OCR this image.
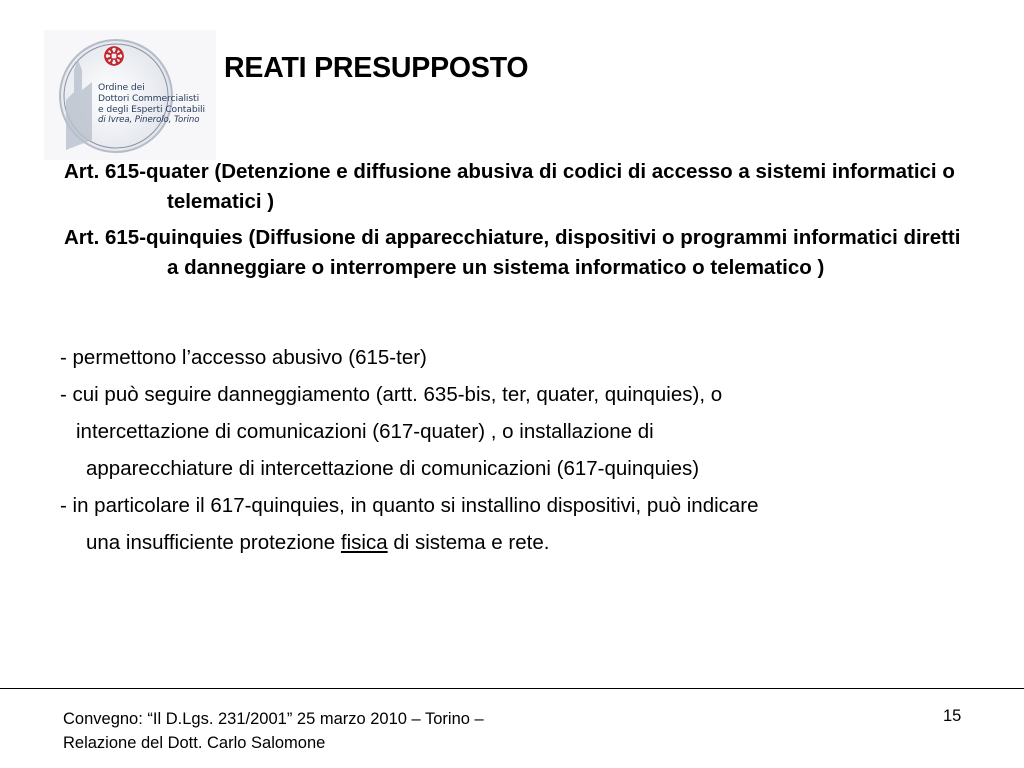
Ordine dei
Dottori Commercialisti
e degli Esperti Contabili
di Ivrea, Pinerolo, Torino
REATI PRESUPPOSTO
Art. 615-quater (Detenzione e diffusione abusiva di codici di accesso a sistemi informatici o telematici )
Art. 615-quinquies (Diffusione di apparecchiature, dispositivi o programmi informatici diretti a danneggiare o interrompere un sistema informatico o telematico )
- permettono l’accesso abusivo (615-ter)
- cui può seguire danneggiamento (artt. 635-bis, ter, quater, quinquies), o
intercettazione di comunicazioni (617-quater) , o installazione di
apparecchiature di intercettazione di comunicazioni (617-quinquies)
- in particolare il 617-quinquies, in quanto si installino dispositivi, può indicare
una insufficiente protezione fisica di sistema e rete.
Convegno: “Il D.Lgs. 231/2001” 25 marzo 2010 – Torino –
Relazione del Dott. Carlo Salomone
15
